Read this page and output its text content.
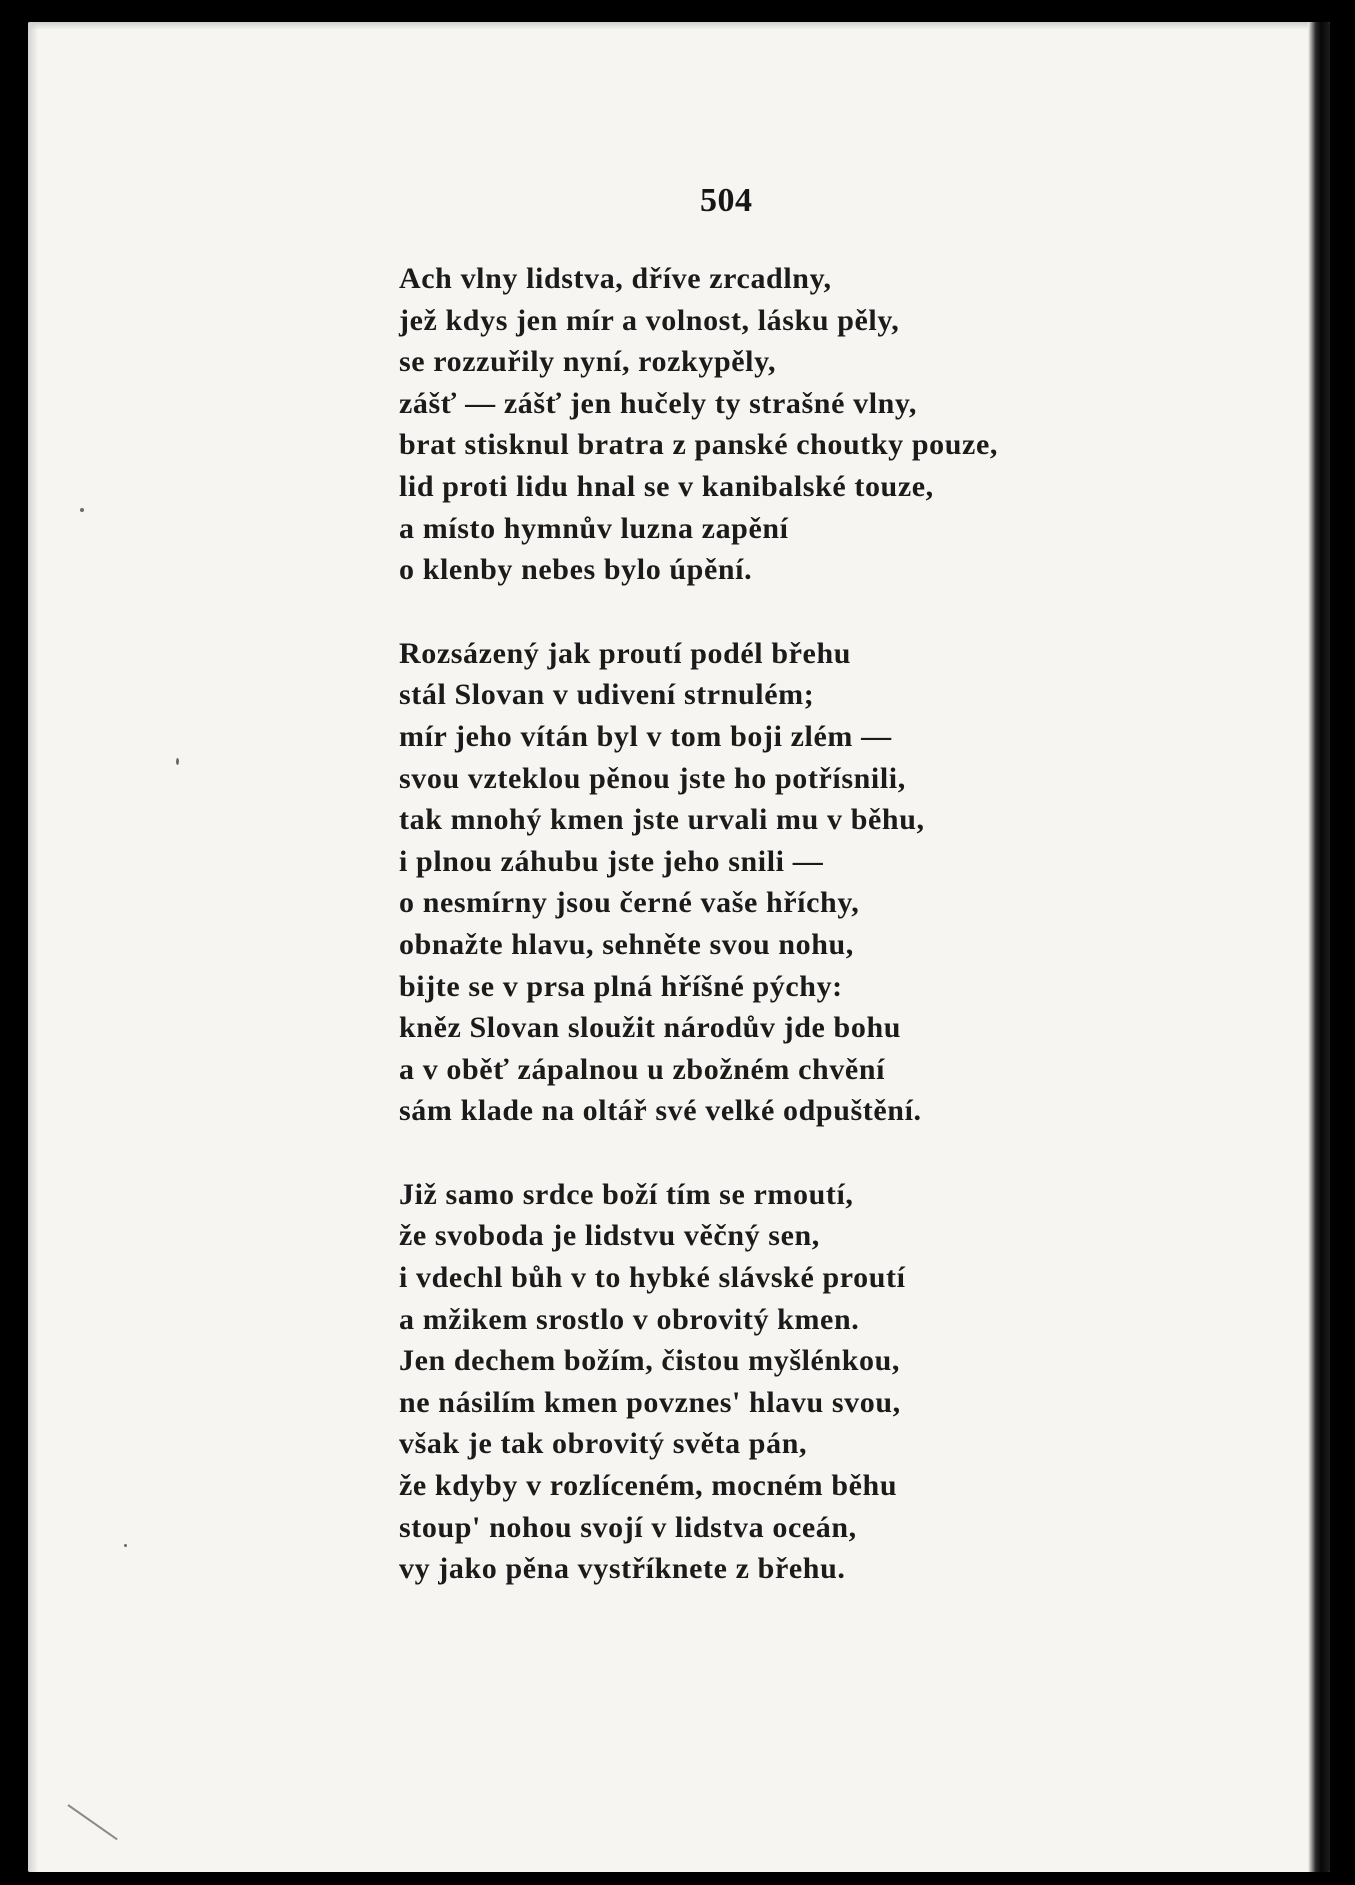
504
Ach vlny lidstva, dříve zrcadlny,
jež kdys jen mír a volnost, lásku pěly,
se rozzuřily nyní, rozkypěly,
zášť — zášť jen hučely ty strašné vlny,
brat stisknul bratra z panské choutky pouze,
lid proti lidu hnal se v kanibalské touze,
a místo hymnův luzna zapění
o klenby nebes bylo úpění.
Rozsázený jak proutí podél břehu
stál Slovan v udivení strnulém;
mír jeho vítán byl v tom boji zlém —
svou vzteklou pěnou jste ho potřísnili,
tak mnohý kmen jste urvali mu v běhu,
i plnou záhubu jste jeho snili —
o nesmírny jsou černé vaše hříchy,
obnažte hlavu, sehněte svou nohu,
bijte se v prsa plná hříšné pýchy:
kněz Slovan sloužit národův jde bohu
a v oběť zápalnou u zbožném chvění
sám klade na oltář své velké odpuštění.
Již samo srdce boží tím se rmoutí,
že svoboda je lidstvu věčný sen,
i vdechl bůh v to hybké slávské proutí
a mžikem srostlo v obrovitý kmen.
Jen dechem božím, čistou myšlénkou,
ne násilím kmen povznes' hlavu svou,
však je tak obrovitý světa pán,
že kdyby v rozlíceném, mocném běhu
stoup' nohou svojí v lidstva oceán,
vy jako pěna vystříknete z břehu.
